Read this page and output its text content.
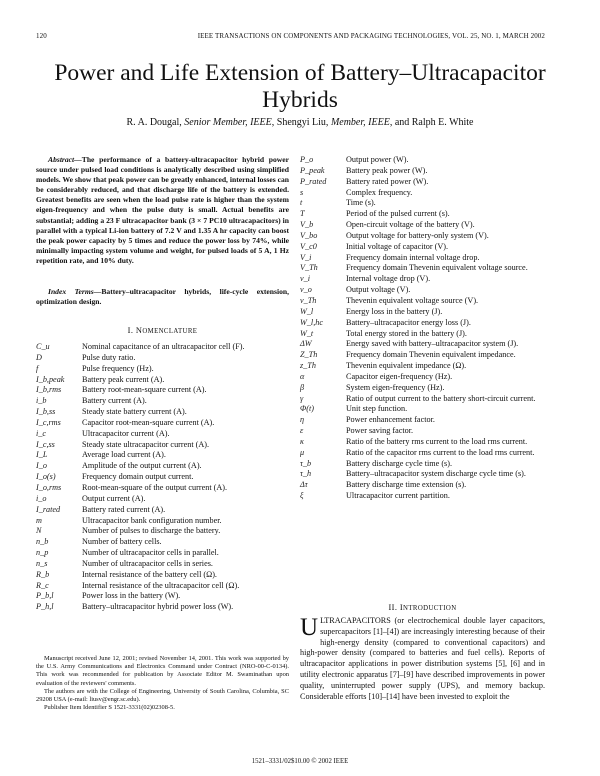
120	IEEE TRANSACTIONS ON COMPONENTS AND PACKAGING TECHNOLOGIES, VOL. 25, NO. 1, MARCH 2002
Power and Life Extension of Battery–Ultracapacitor Hybrids
R. A. Dougal, Senior Member, IEEE, Shengyi Liu, Member, IEEE, and Ralph E. White
Abstract—The performance of a battery-ultracapacitor hybrid power source under pulsed load conditions is analytically described using simplified models. We show that peak power can be greatly enhanced, internal losses can be considerably reduced, and that discharge life of the battery is extended. Greatest benefits are seen when the load pulse rate is higher than the system eigen-frequency and when the pulse duty is small. Actual benefits are substantial; adding a 23 F ultracapacitor bank (3 × 7 PC10 ultracapacitors) in parallel with a typical Li-ion battery of 7.2 V and 1.35 A hr capacity can boost the peak power capacity by 5 times and reduce the power loss by 74%, while minimally impacting system volume and weight, for pulsed loads of 5 A, 1 Hz repetition rate, and 10% duty.
Index Terms—Battery–ultracapacitor hybrids, life-cycle extension, optimization design.
I. NOMENCLATURE
C_u	Nominal capacitance of an ultracapacitor cell (F).
D	Pulse duty ratio.
f	Pulse frequency (Hz).
I_b,peak	Battery peak current (A).
I_b,rms	Battery root-mean-square current (A).
i_b	Battery current (A).
I_b,ss	Steady state battery current (A).
I_c,rms	Capacitor root-mean-square current (A).
i_c	Ultracapacitor current (A).
I_c,ss	Steady state ultracapacitor current (A).
I_L	Average load current (A).
I_o	Amplitude of the output current (A).
I_o(s)	Frequency domain output current.
I_o,rms	Root-mean-square of the output current (A).
i_o	Output current (A).
I_rated	Battery rated current (A).
m	Ultracapacitor bank configuration number.
N	Number of pulses to discharge the battery.
n_b	Number of battery cells.
n_p	Number of ultracapacitor cells in parallel.
n_s	Number of ultracapacitor cells in series.
R_b	Internal resistance of the battery cell (Ω).
R_c	Internal resistance of the ultracapacitor cell (Ω).
P_b,l	Power loss in the battery (W).
P_h,l	Battery–ultracapacitor hybrid power loss (W).
P_o	Output power (W).
P_peak	Battery peak power (W).
P_rated	Battery rated power (W).
s	Complex frequency.
t	Time (s).
T	Period of the pulsed current (s).
V_b	Open-circuit voltage of the battery (V).
V_bo	Output voltage for battery-only system (V).
V_c0	Initial voltage of capacitor (V).
V_i	Frequency domain internal voltage drop.
V_Th	Frequency domain Thevenin equivalent voltage source.
v_i	Internal voltage drop (V).
v_o	Output voltage (V).
v_Th	Thevenin equivalent voltage source (V).
W_l	Energy loss in the battery (J).
W_l,hc	Battery–ultracapacitor energy loss (J).
W_t	Total energy stored in the battery (J).
ΔW	Energy saved with battery–ultracapacitor system (J).
Z_Th	Frequency domain Thevenin equivalent impedance.
z_Th	Thevenin equivalent impedance (Ω).
α	Capacitor eigen-frequency (Hz).
β	System eigen-frequency (Hz).
γ	Ratio of output current to the battery short-circuit current.
Φ(t)	Unit step function.
η	Power enhancement factor.
ε	Power saving factor.
κ	Ratio of the battery rms current to the load rms current.
μ	Ratio of the capacitor rms current to the load rms current.
τ_b	Battery discharge cycle time (s).
τ_h	Battery–ultracapacitor system discharge cycle time (s).
Δτ	Battery discharge time extension (s).
ξ	Ultracapacitor current partition.

Manuscript received June 12, 2001; revised November 14, 2001. This work was supported by the U.S. Army Communications and Electronics Command under Contract (NRO-00-C-0134). This work was recommended for publication by Associate Editor M. Swaminathan upon evaluation of the reviewers' comments.

The authors are with the College of Engineering, University of South Carolina, Columbia, SC 29208 USA (e-mail: liusv@engr.sc.edu).

Publisher Item Identifier S 1521-3331(02)02308-5.

II. INTRODUCTION
ULTRACAPACITORS (or electrochemical double layer capacitors, supercapacitors [1]–[4]) are increasingly interesting because of their high-energy density (compared to conventional capacitors) and high-power density (compared to batteries and fuel cells). Reports of ultracapacitor applications in power distribution systems [5], [6] and in utility electronic apparatus [7]–[9] have described improvements in power quality, uninterrupted power supply (UPS), and memory backup. Considerable efforts [10]–[14] have been invested to exploit the
1521–3331/02$10.00 © 2002 IEEE
